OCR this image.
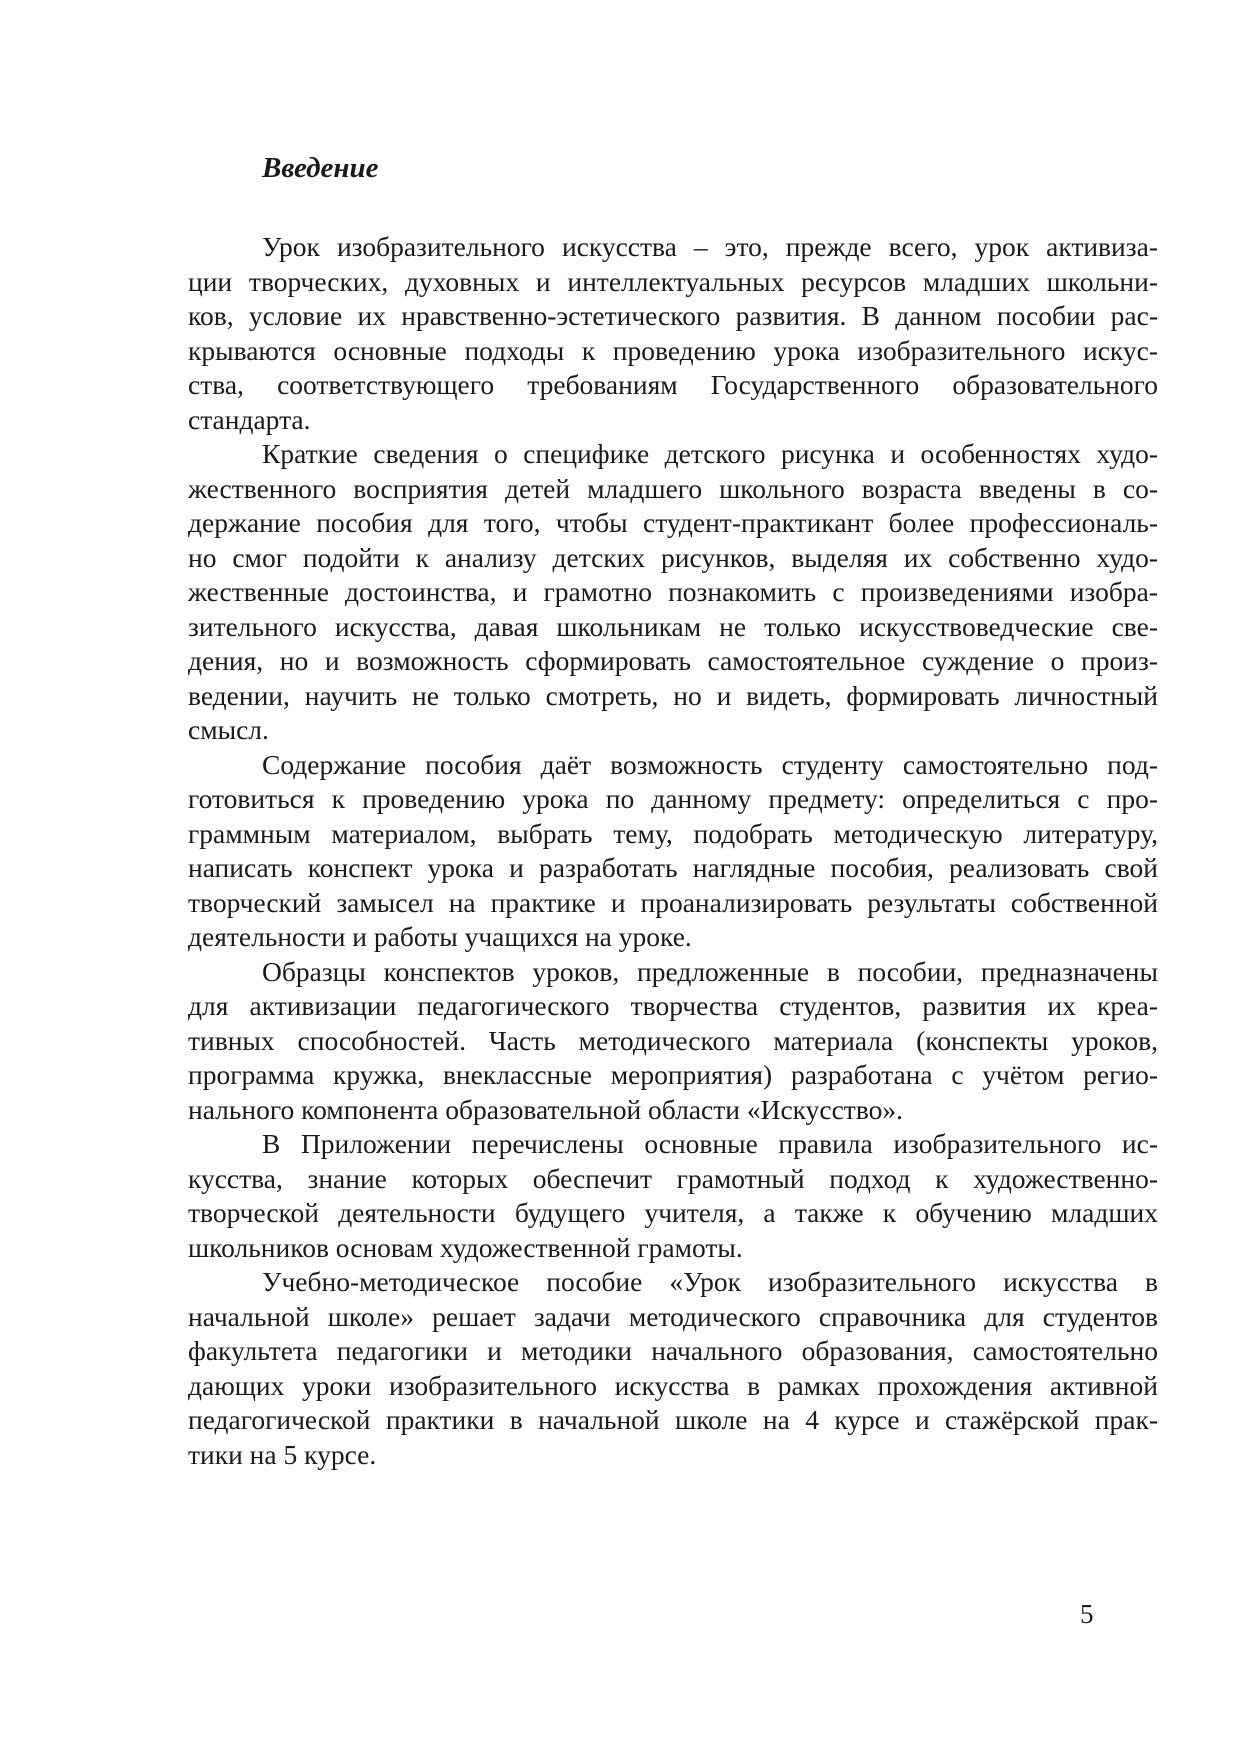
Введение

Урок изобразительного искусства – это, прежде всего, урок активиза-
ции творческих, духовных и интеллектуальных ресурсов младших школьни-
ков, условие их нравственно-эстетического развития. В данном пособии рас-
крываются основные подходы к проведению урока изобразительного искус-
ства, соответствующего требованиям Государственного образовательного
стандарта.

Краткие сведения о специфике детского рисунка и особенностях худо-
жественного восприятия детей младшего школьного возраста введены в со-
держание пособия для того, чтобы студент-практикант более профессиональ-
но смог подойти к анализу детских рисунков, выделяя их собственно худо-
жественные достоинства, и грамотно познакомить с произведениями изобра-
зительного искусства, давая школьникам не только искусствоведческие све-
дения, но и возможность сформировать самостоятельное суждение о произ-
ведении, научить не только смотреть, но и видеть, формировать личностный
смысл.

Содержание пособия даёт возможность студенту самостоятельно под-
готовиться к проведению урока по данному предмету: определиться с про-
граммным материалом, выбрать тему, подобрать методическую литературу,
написать конспект урока и разработать наглядные пособия, реализовать свой
творческий замысел на практике и проанализировать результаты собственной
деятельности и работы учащихся на уроке.

Образцы конспектов уроков, предложенные в пособии, предназначены
для активизации педагогического творчества студентов, развития их креа-
тивных способностей. Часть методического материала (конспекты уроков,
программа кружка, внеклассные мероприятия) разработана с учётом регио-
нального компонента образовательной области «Искусство».

В Приложении перечислены основные правила изобразительного ис-
кусства, знание которых обеспечит грамотный подход к художественно-
творческой деятельности будущего учителя, а также к обучению младших
школьников основам художественной грамоты.

Учебно-методическое пособие «Урок изобразительного искусства в
начальной школе» решает задачи методического справочника для студентов
факультета педагогики и методики начального образования, самостоятельно
дающих уроки изобразительного искусства в рамках прохождения активной
педагогической практики в начальной школе на 4 курсе и стажёрской прак-
тики на 5 курсе.

5
